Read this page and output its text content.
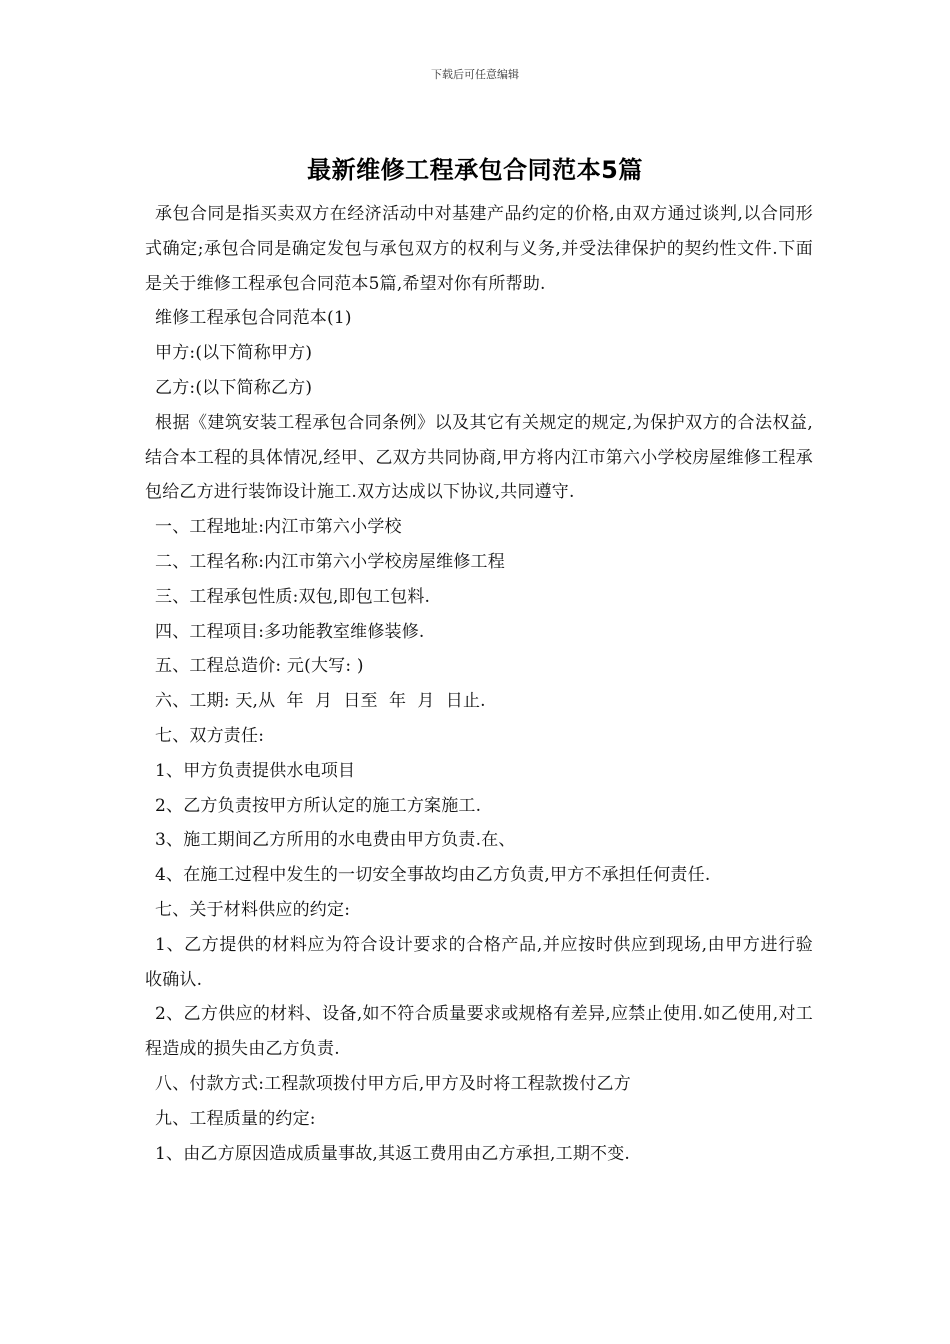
下载后可任意编辑
最新维修工程承包合同范本5篇

承包合同是指买卖双方在经济活动中对基建产品约定的价格,由双方通过谈判,以合同形式确定;承包合同是确定发包与承包双方的权利与义务,并受法律保护的契约性文件.下面是关于维修工程承包合同范本5篇,希望对你有所帮助.

维修工程承包合同范本(1)

甲方:(以下简称甲方)

乙方:(以下简称乙方)

根据《建筑安装工程承包合同条例》以及其它有关规定的规定,为保护双方的合法权益,结合本工程的具体情况,经甲、乙双方共同协商,甲方将内江市第六小学校房屋维修工程承包给乙方进行装饰设计施工.双方达成以下协议,共同遵守.

一、工程地址:内江市第六小学校

二、工程名称:内江市第六小学校房屋维修工程

三、工程承包性质:双包,即包工包料.

四、工程项目:多功能教室维修装修.

五、工程总造价: 元(大写: )

六、工期: 天,从  年  月  日至  年  月  日止.

七、双方责任:

1、甲方负责提供水电项目

2、乙方负责按甲方所认定的施工方案施工.

3、施工期间乙方所用的水电费由甲方负责.在、

4、在施工过程中发生的一切安全事故均由乙方负责,甲方不承担任何责任.

七、关于材料供应的约定:

1、乙方提供的材料应为符合设计要求的合格产品,并应按时供应到现场,由甲方进行验收确认.

2、乙方供应的材料、设备,如不符合质量要求或规格有差异,应禁止使用.如乙使用,对工程造成的损失由乙方负责.

八、付款方式:工程款项拨付甲方后,甲方及时将工程款拨付乙方

九、工程质量的约定:

1、由乙方原因造成质量事故,其返工费用由乙方承担,工期不变.
